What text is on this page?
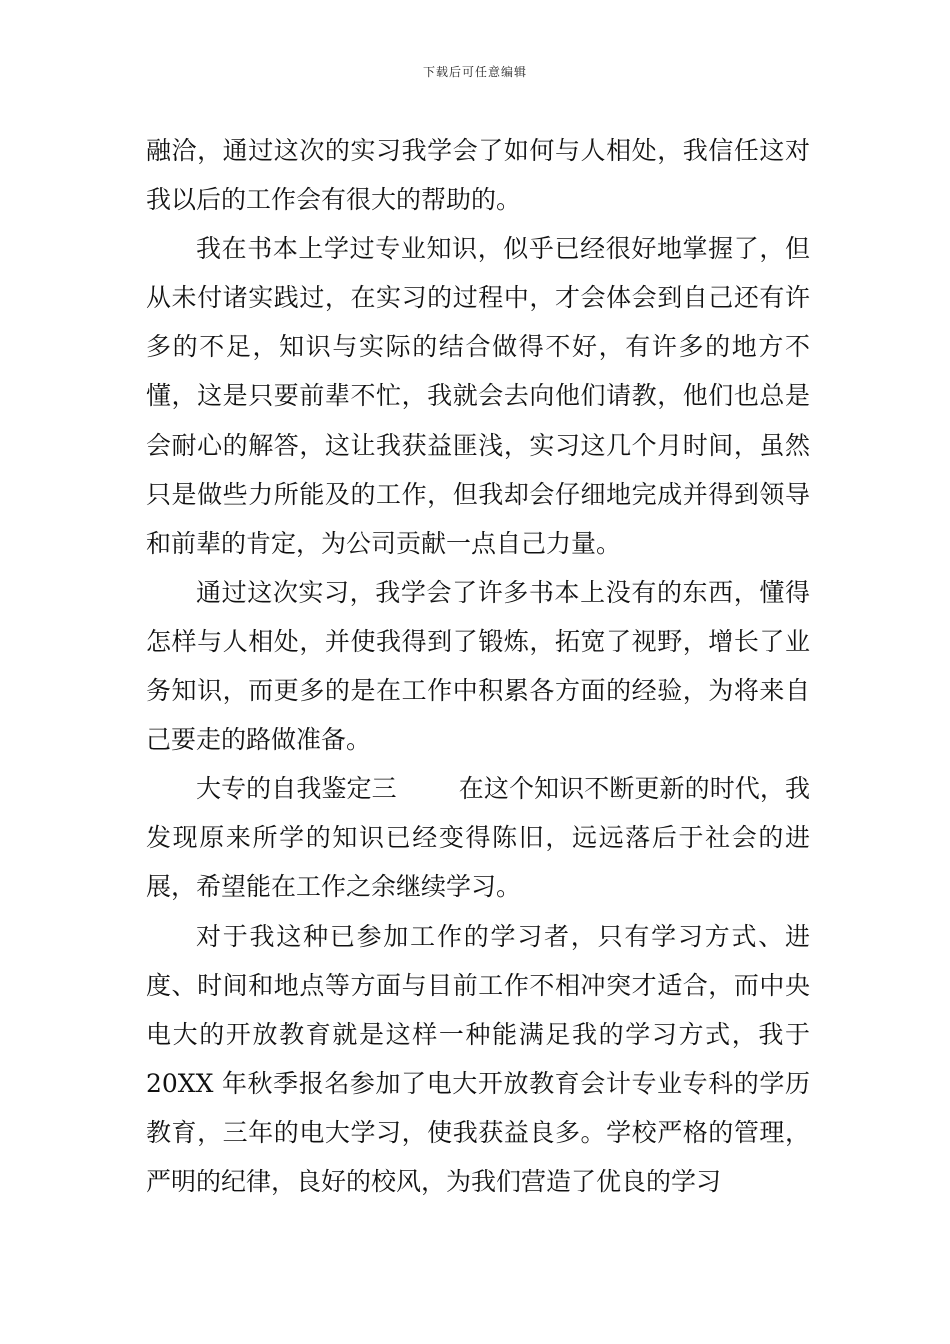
下载后可任意编辑

融洽，通过这次的实习我学会了如何与人相处，我信任这对我以后的工作会有很大的帮助的。

我在书本上学过专业知识，似乎已经很好地掌握了，但从未付诸实践过，在实习的过程中，才会体会到自己还有许多的不足，知识与实际的结合做得不好，有许多的地方不懂，这是只要前辈不忙，我就会去向他们请教，他们也总是会耐心的解答，这让我获益匪浅，实习这几个月时间，虽然只是做些力所能及的工作，但我却会仔细地完成并得到领导和前辈的肯定，为公司贡献一点自己力量。

通过这次实习，我学会了许多书本上没有的东西，懂得怎样与人相处，并使我得到了锻炼，拓宽了视野，增长了业务知识，而更多的是在工作中积累各方面的经验，为将来自己要走的路做准备。

大专的自我鉴定三 在这个知识不断更新的时代，我发现原来所学的知识已经变得陈旧，远远落后于社会的进展，希望能在工作之余继续学习。

对于我这种已参加工作的学习者，只有学习方式、进度、时间和地点等方面与目前工作不相冲突才适合，而中央电大的开放教育就是这样一种能满足我的学习方式，我于 20XX 年秋季报名参加了电大开放教育会计专业专科的学历教育，三年的电大学习，使我获益良多。学校严格的管理，严明的纪律，良好的校风，为我们营造了优良的学习
